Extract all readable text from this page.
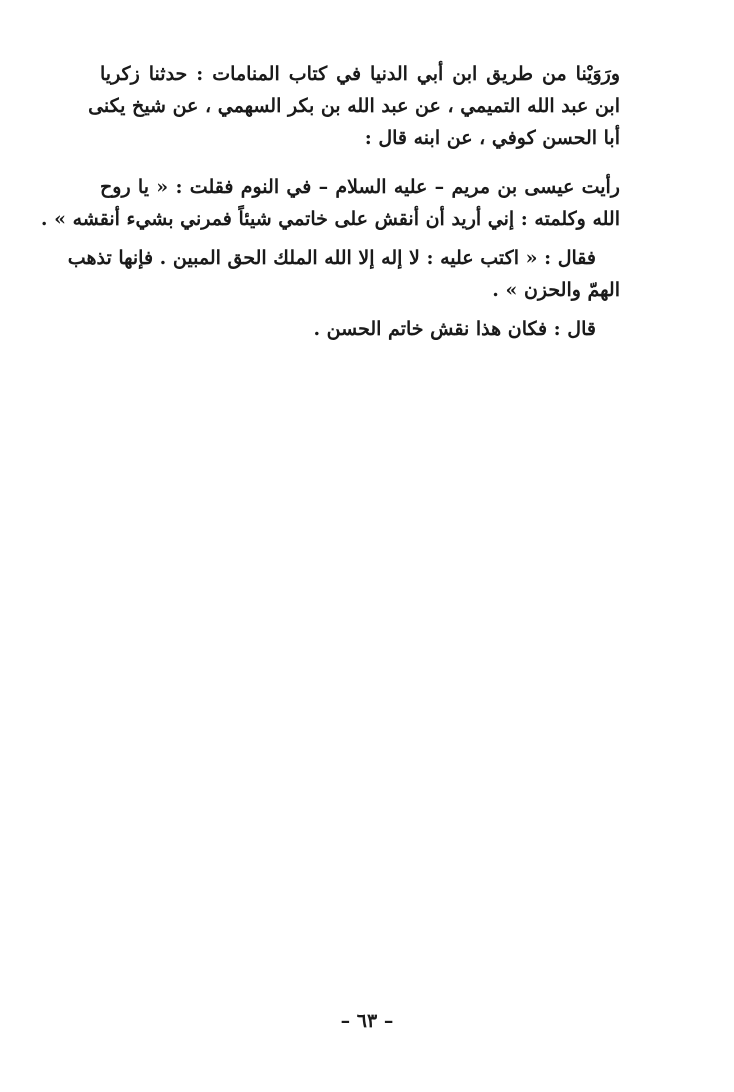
ورَوَيْنا من طريق ابن أبي الدنيا في كتاب المنامات : حدثنا زكريا
ابن عبد الله التميمي ، عن عبد الله بن بكر السهمي ، عن شيخ يكنى
أبا الحسن كوفي ، عن ابنه قال :
رأيت عيسى بن مريم – عليه السلام – في النوم فقلت : « يا روح
الله وكلمته : إني أريد أن أنقش على خاتمي شيئاً فمرني بشيء أنقشه » .
فقال : « اكتب عليه : لا إله إلا الله الملك الحق المبين . فإنها تذهب
الهمّ والحزن » .
قال : فكان هذا نقش خاتم الحسن .
– ٦٣ –
